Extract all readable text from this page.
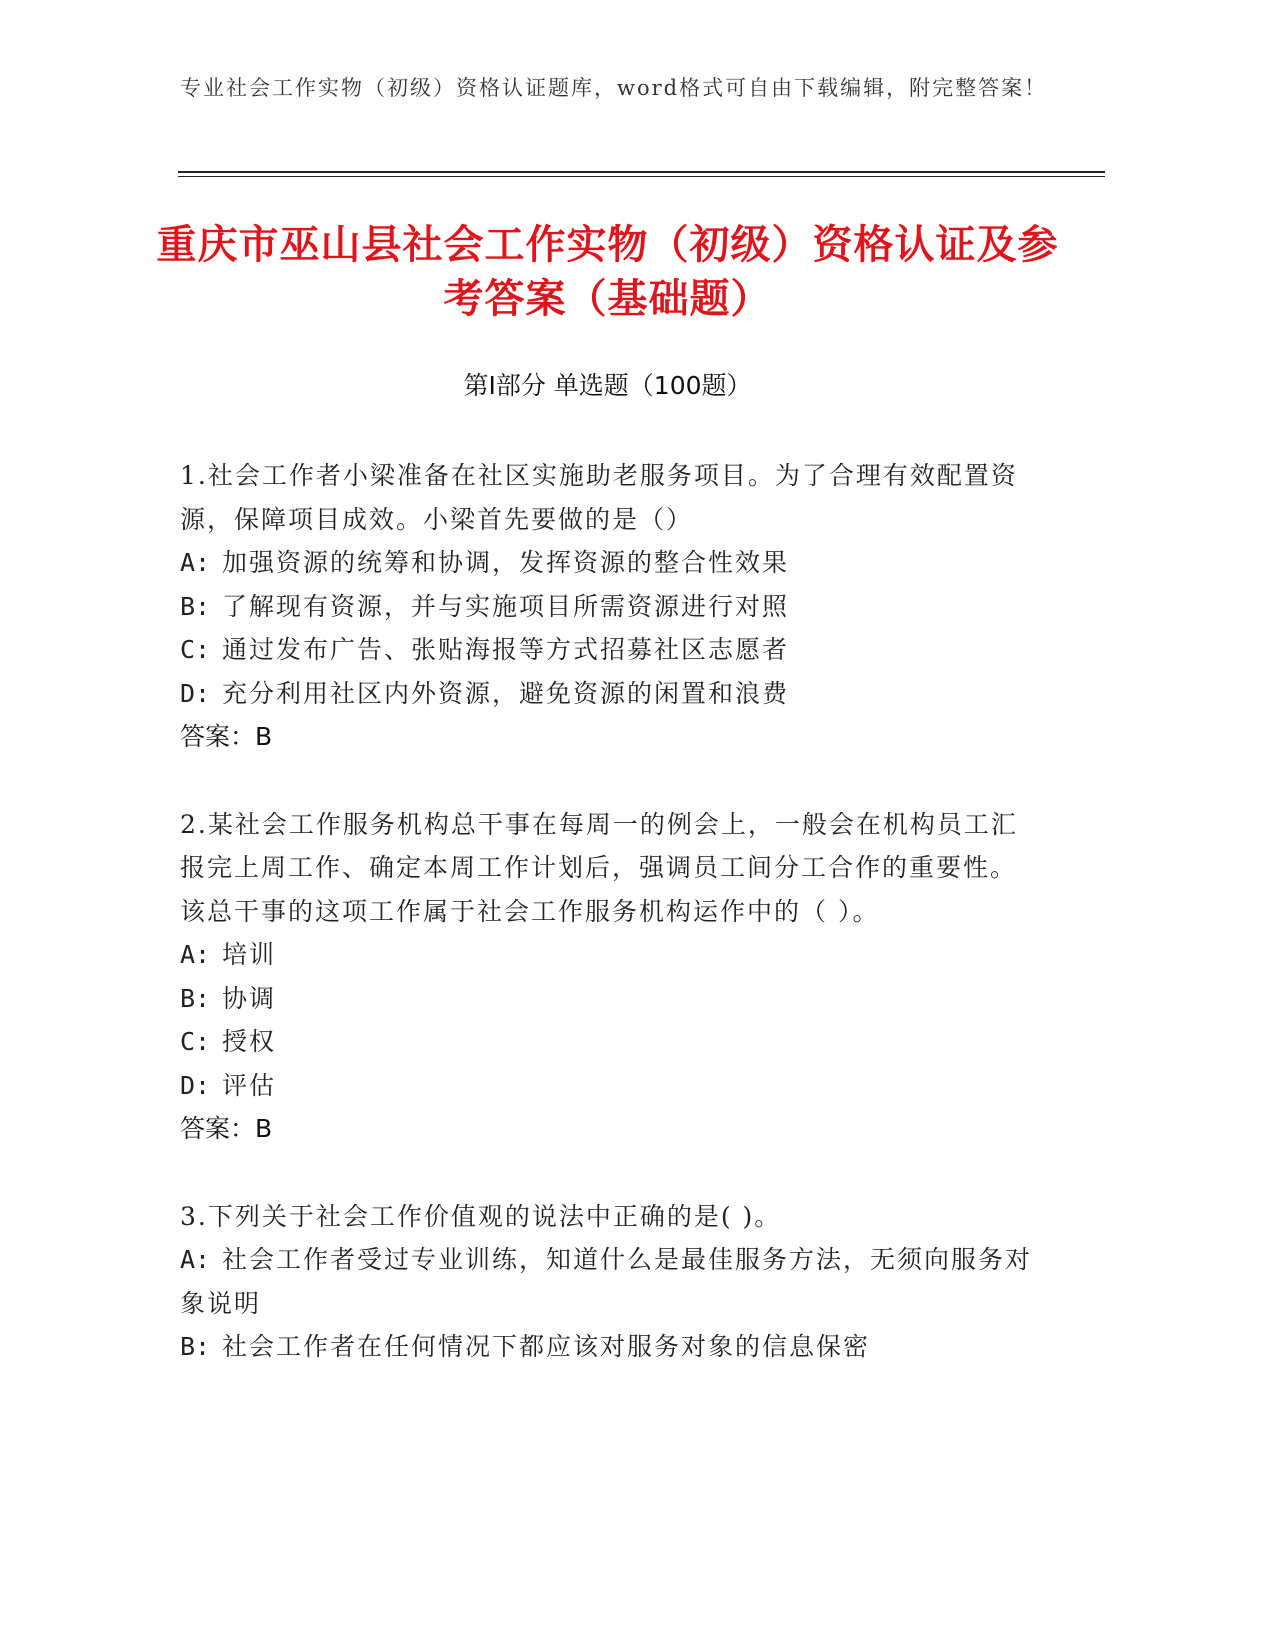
专业社会工作实物（初级）资格认证题库，word格式可自由下载编辑，附完整答案！
重庆市巫山县社会工作实物（初级）资格认证及参考答案（基础题）
第Ⅰ部分 单选题（100题）
1.社会工作者小梁准备在社区实施助老服务项目。为了合理有效配置资源，保障项目成效。小梁首先要做的是（）
A: 加强资源的统筹和协调，发挥资源的整合性效果
B: 了解现有资源，并与实施项目所需资源进行对照
C: 通过发布广告、张贴海报等方式招募社区志愿者
D: 充分利用社区内外资源，避免资源的闲置和浪费
答案：B
2.某社会工作服务机构总干事在每周一的例会上，一般会在机构员工汇报完上周工作、确定本周工作计划后，强调员工间分工合作的重要性。该总干事的这项工作属于社会工作服务机构运作中的（ ）。
A: 培训
B: 协调
C: 授权
D: 评估
答案：B
3.下列关于社会工作价值观的说法中正确的是( )。
A: 社会工作者受过专业训练，知道什么是最佳服务方法，无须向服务对象说明
B: 社会工作者在任何情况下都应该对服务对象的信息保密
